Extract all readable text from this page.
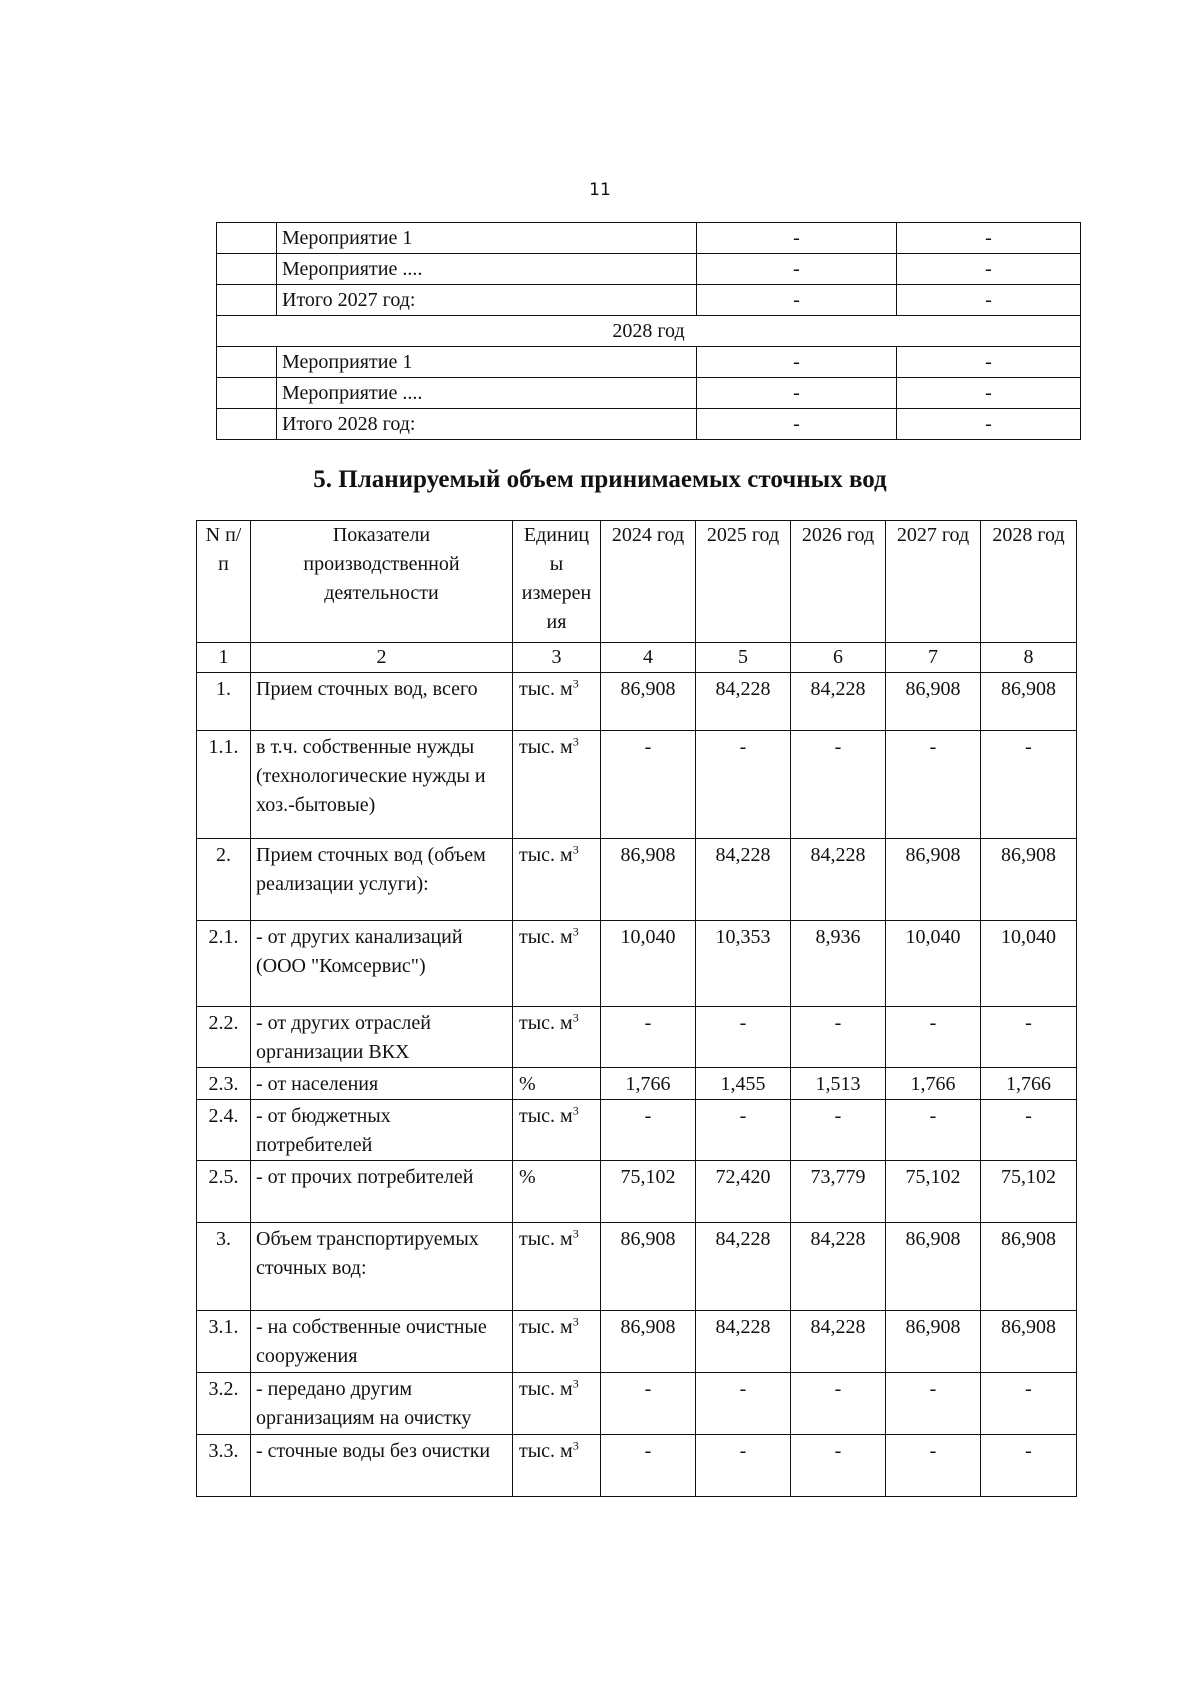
11
	Мероприятие 1	-	-
	Мероприятие ....	-	-
	Итого 2027 год:	-	-
2028 год			
	Мероприятие 1	-	-
	Мероприятие ....	-	-
	Итого 2028 год:	-	-
5. Планируемый объем принимаемых сточных вод
N п/п	Показатели производственной деятельности	Единиц ы измерен ия	2024 год	2025 год	2026 год	2027 год	2028 год
1	2	3	4	5	6	7	8
1.	Прием сточных вод, всего	тыс. $м^3$	86,908	84,228	84,228	86,908	86,908
1.1.	в т.ч. собственные нужды (технологические нужды и хоз.-бытовые)	тыс. $м^3$	-	-	-	-	-
2.	Прием сточных вод (объем реализации услуги):	тыс. $м^3$	86,908	84,228	84,228	86,908	86,908
2.1.	- от других канализаций (ООО "Комсервис")	тыс. $м^3$	10,040	10,353	8,936	10,040	10,040
2.2.	- от других отраслей организации ВКХ	тыс. $м^3$	-	-	-	-	-
2.3.	- от населения	%	1,766	1,455	1,513	1,766	1,766
2.4.	- от бюджетных потребителей	тыс. $м^3$	-	-	-	-	-
2.5.	- от прочих потребителей	%	75,102	72,420	73,779	75,102	75,102
3.	Объем транспортируемых сточных вод:	тыс. $м^3$	86,908	84,228	84,228	86,908	86,908
3.1.	- на собственные очистные сооружения	тыс. $м^3$	86,908	84,228	84,228	86,908	86,908
3.2.	- передано другим организациям на очистку	тыс. $м^3$	-	-	-	-	-
3.3.	- сточные воды без очистки	тыс. $м^3$	-	-	-	-	-
